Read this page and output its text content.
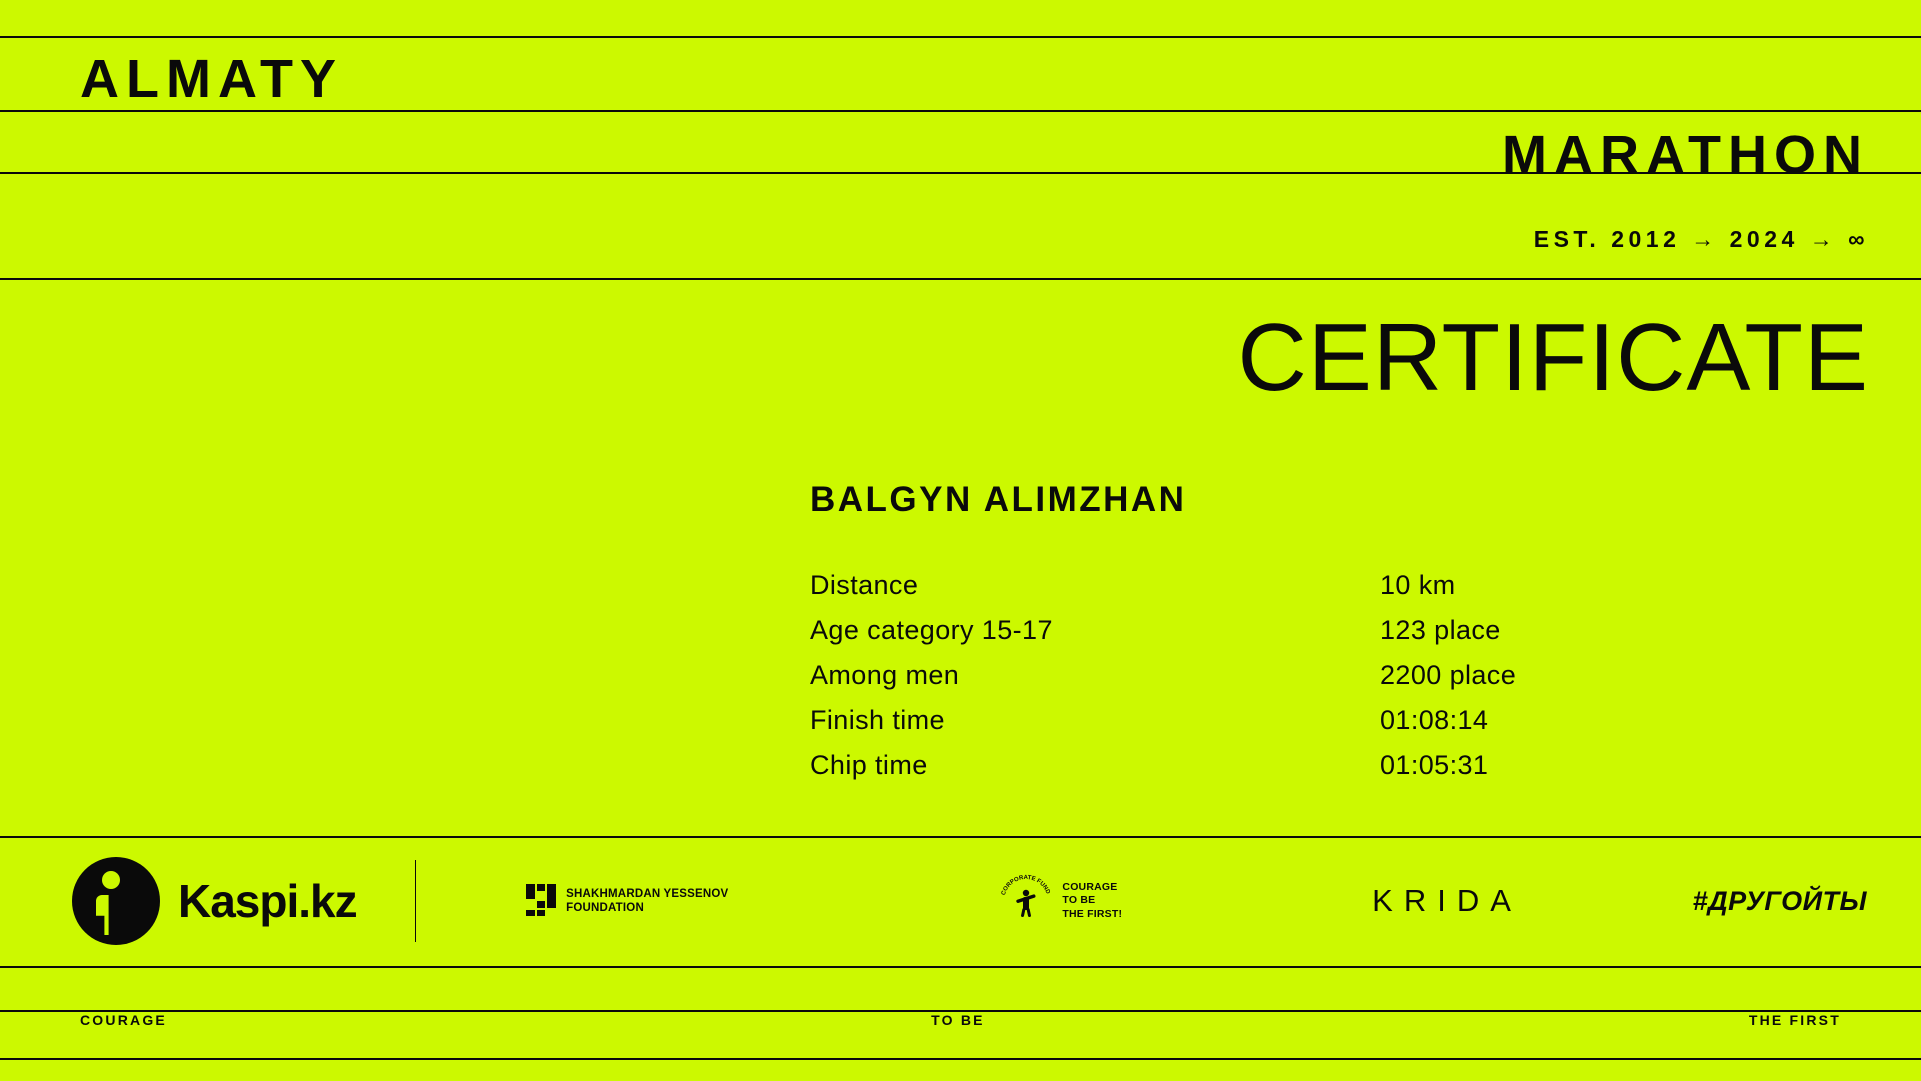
ALMATY
MARATHON
EST. 2012 → 2024 → ∞
CERTIFICATE
BALGYN ALIMZHAN
Distance	10 km
Age category 15-17	123 place
Among men	2200 place
Finish time	01:08:14
Chip time	01:05:31
Kaspi.kz	SHAKHMARDAN YESSENOV
FOUNDATION
CORPORATE FUND COURAGE
TO BE
THE FIRST!	KRIDA	#ДРУГОЙТЫ
COURAGE	TO BE	THE FIRST
